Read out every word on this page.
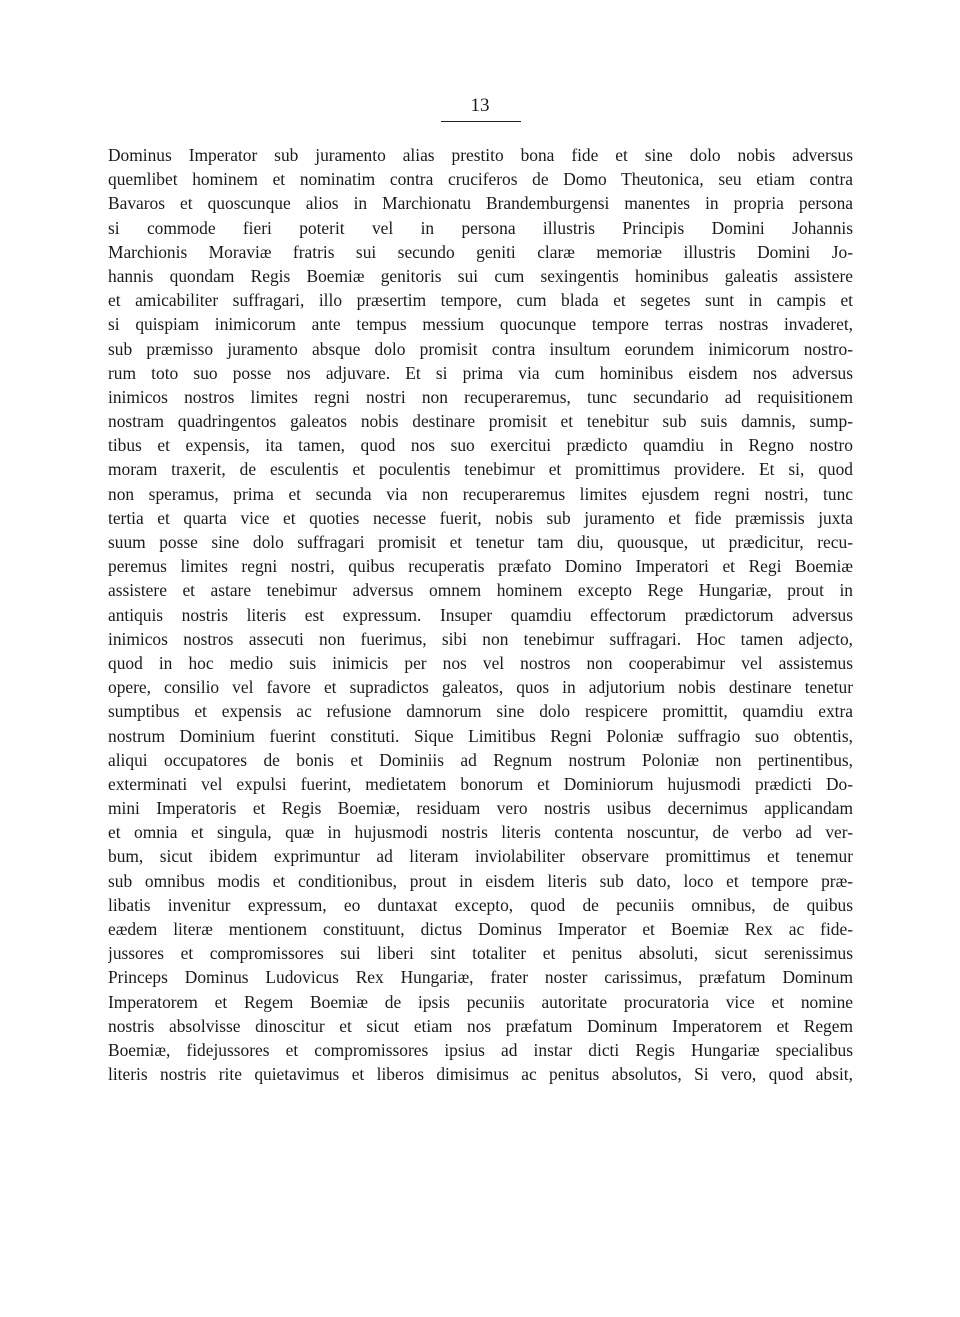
13
Dominus Imperator sub juramento alias prestito bona fide et sine dolo nobis adversus
quemlibet hominem et nominatim contra cruciferos de Domo Theutonica, seu etiam contra
Bavaros et quoscunque alios in Marchionatu Brandemburgensi manentes in propria persona
si commode fieri poterit vel in persona illustris Principis Domini Johannis
Marchionis Moraviæ fratris sui secundo geniti claræ memoriæ illustris Domini Jo-
hannis quondam Regis Boemiæ genitoris sui cum sexingentis hominibus galeatis assistere
et amicabiliter suffragari, illo præsertim tempore, cum blada et segetes sunt in campis et
si quispiam inimicorum ante tempus messium quocunque tempore terras nostras invaderet,
sub præmisso juramento absque dolo promisit contra insultum eorundem inimicorum nostro-
rum toto suo posse nos adjuvare. Et si prima via cum hominibus eisdem nos adversus
inimicos nostros limites regni nostri non recuperaremus, tunc secundario ad requisitionem
nostram quadringentos galeatos nobis destinare promisit et tenebitur sub suis damnis, sump-
tibus et expensis, ita tamen, quod nos suo exercitui prædicto quamdiu in Regno nostro
moram traxerit, de esculentis et poculentis tenebimur et promittimus providere. Et si, quod
non speramus, prima et secunda via non recuperaremus limites ejusdem regni nostri, tunc
tertia et quarta vice et quoties necesse fuerit, nobis sub juramento et fide præmissis juxta
suum posse sine dolo suffragari promisit et tenetur tam diu, quousque, ut prædicitur, recu-
peremus limites regni nostri, quibus recuperatis præfato Domino Imperatori et Regi Boemiæ
assistere et astare tenebimur adversus omnem hominem excepto Rege Hungariæ, prout in
antiquis nostris literis est expressum. Insuper quamdiu effectorum prædictorum adversus
inimicos nostros assecuti non fuerimus, sibi non tenebimur suffragari. Hoc tamen adjecto,
quod in hoc medio suis inimicis per nos vel nostros non cooperabimur vel assistemus
opere, consilio vel favore et supradictos galeatos, quos in adjutorium nobis destinare tenetur
sumptibus et expensis ac refusione damnorum sine dolo respicere promittit, quamdiu extra
nostrum Dominium fuerint constituti. Sique Limitibus Regni Poloniæ suffragio suo obtentis,
aliqui occupatores de bonis et Dominiis ad Regnum nostrum Poloniæ non pertinentibus,
exterminati vel expulsi fuerint, medietatem bonorum et Dominiorum hujusmodi prædicti Do-
mini Imperatoris et Regis Boemiæ, residuam vero nostris usibus decernimus applicandam
et omnia et singula, quæ in hujusmodi nostris literis contenta noscuntur, de verbo ad ver-
bum, sicut ibidem exprimuntur ad literam inviolabiliter observare promittimus et tenemur
sub omnibus modis et conditionibus, prout in eisdem literis sub dato, loco et tempore præ-
libatis invenitur expressum, eo duntaxat excepto, quod de pecuniis omnibus, de quibus
eædem literæ mentionem constituunt, dictus Dominus Imperator et Boemiæ Rex ac fide-
jussores et compromissores sui liberi sint totaliter et penitus absoluti, sicut serenissimus
Princeps Dominus Ludovicus Rex Hungariæ, frater noster carissimus, præfatum Dominum
Imperatorem et Regem Boemiæ de ipsis pecuniis autoritate procuratoria vice et nomine
nostris absolvisse dinoscitur et sicut etiam nos præfatum Dominum Imperatorem et Regem
Boemiæ, fidejussores et compromissores ipsius ad instar dicti Regis Hungariæ specialibus
literis nostris rite quietavimus et liberos dimisimus ac penitus absolutos, Si vero, quod absit,
